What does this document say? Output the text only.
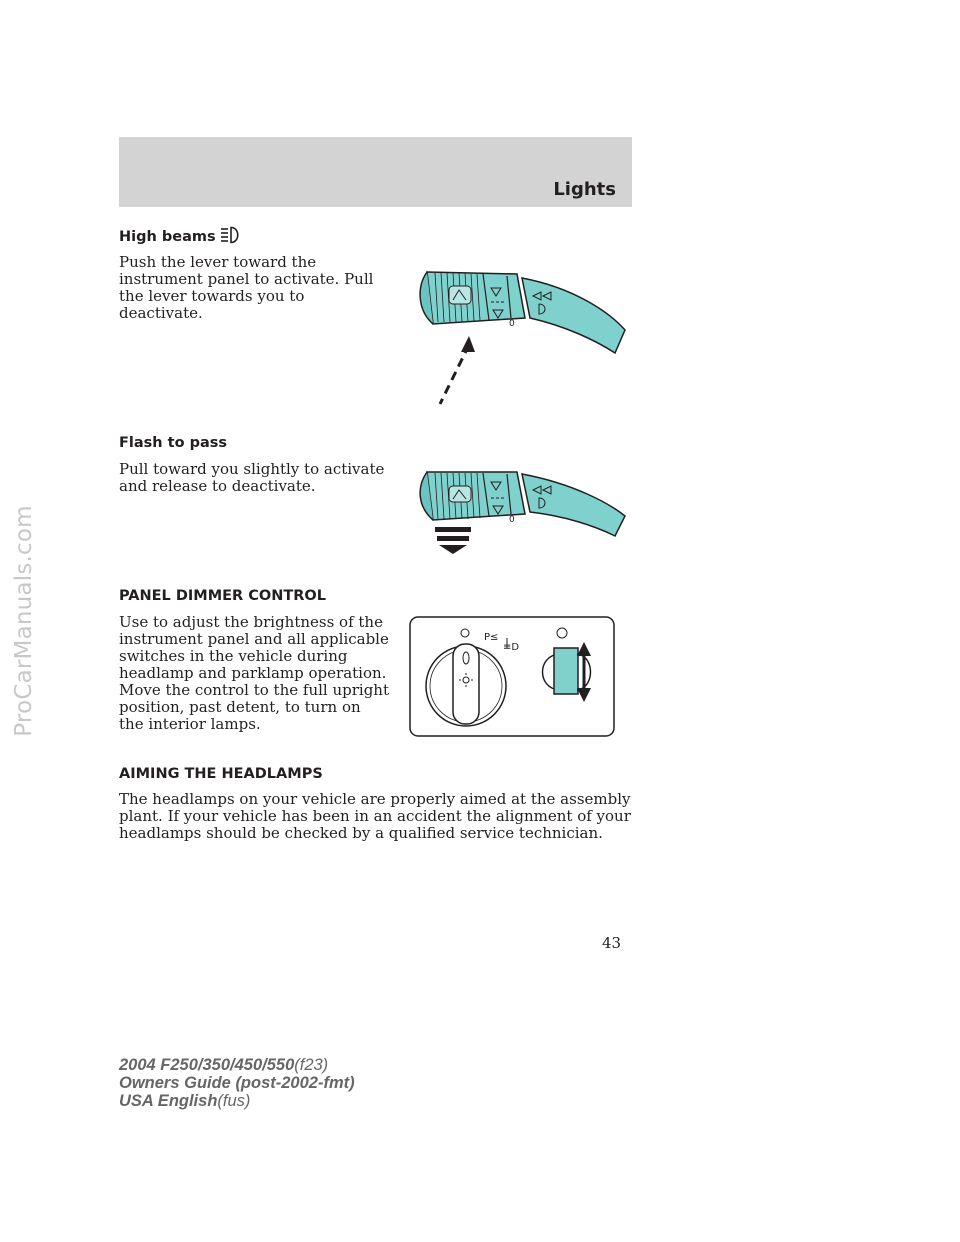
ProCarManuals.com
Lights
High beams

Push the lever toward the instrument panel to activate. Pull the lever towards you to deactivate.

0
Flash to pass

Pull toward you slightly to activate and release to deactivate.

0
PANEL DIMMER CONTROL

Use to adjust the brightness of the instrument panel and all applicable switches in the vehicle during headlamp and parklamp operation.

Move the control to the full upright position, past detent, to turn on the interior lamps.

P≤
≡D
AIMING THE HEADLAMPS

The headlamps on your vehicle are properly aimed at the assembly plant. If your vehicle has been in an accident the alignment of your headlamps should be checked by a qualified service technician.

43

2004 F250/350/450/550(f23)
Owners Guide (post-2002-fmt)
USA English(fus)
